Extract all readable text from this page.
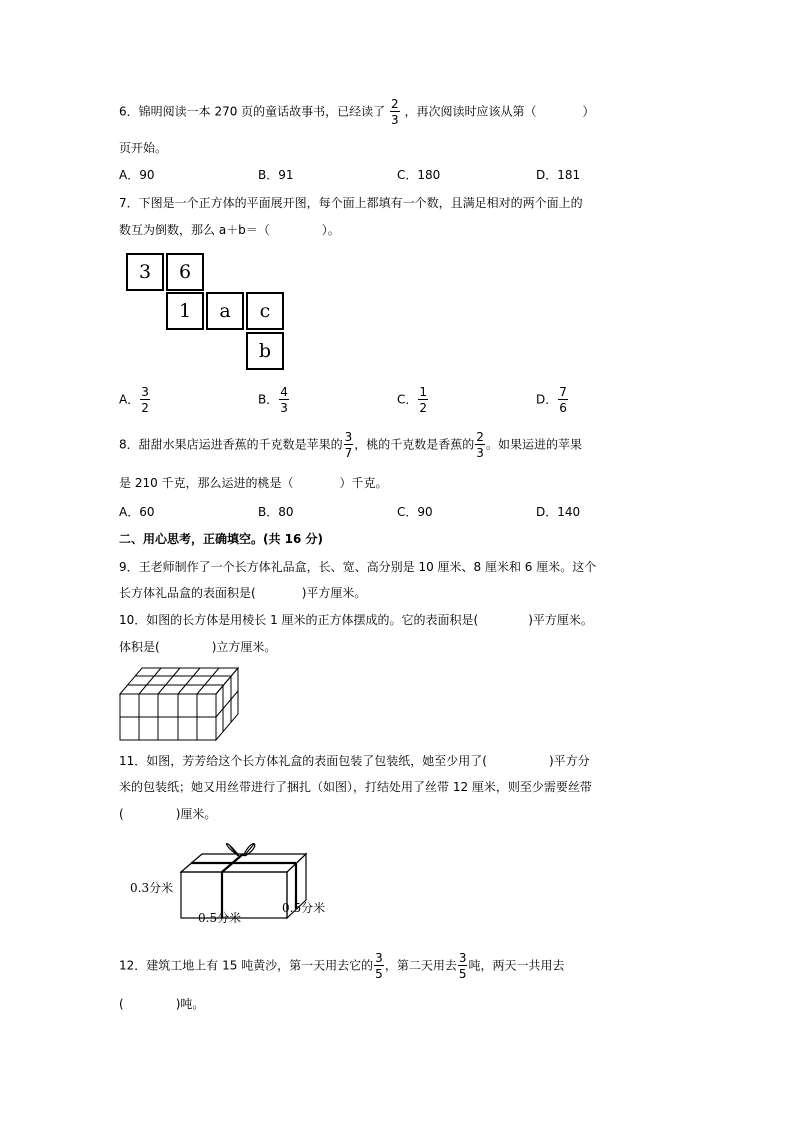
6．锦明阅读一本 270 页的童话故事书，已经读了 $\frac{2}{3}$ ，再次阅读时应该从第（	）
页开始。
A．90	B．91	C．180	D．181
7．下图是一个正方体的平面展开图，每个面上都填有一个数，且满足相对的两个面上的
数互为倒数，那么 a＋b＝（	）。
3	6
1	a	c
b
A． $\frac{3}{2}$	B． $\frac{4}{3}$	C． $\frac{1}{2}$	D． $\frac{7}{6}$
8．甜甜水果店运进香蕉的千克数是苹果的 $\frac{3}{7}$ ，桃的千克数是香蕉的 $\frac{2}{3}$ 。如果运进的苹果
是 210 千克，那么运进的桃是（	）千克。
A．60	B．80	C．90	D．140
二、用心思考，正确填空。(共 16 分)
9．王老师制作了一个长方体礼品盒，长、宽、高分别是 10 厘米、8 厘米和 6 厘米。这个
长方体礼品盒的表面积是(	)平方厘米。
10．如图的长方体是用棱长 1 厘米的正方体摆成的。它的表面积是(	)平方厘米。
体积是(	)立方厘米。
11．如图，芳芳给这个长方体礼盒的表面包装了包装纸，她至少用了(	)平方分
米的包装纸；她又用丝带进行了捆扎（如图），打结处用了丝带 12 厘米，则至少需要丝带
(	)厘米。
0.3分米
0.5分米
0.5分米
12．建筑工地上有 15 吨黄沙，第一天用去它的 $\frac{3}{5}$ ，第二天用去 $\frac{3}{5}$ 吨，两天一共用去
(	)吨。
